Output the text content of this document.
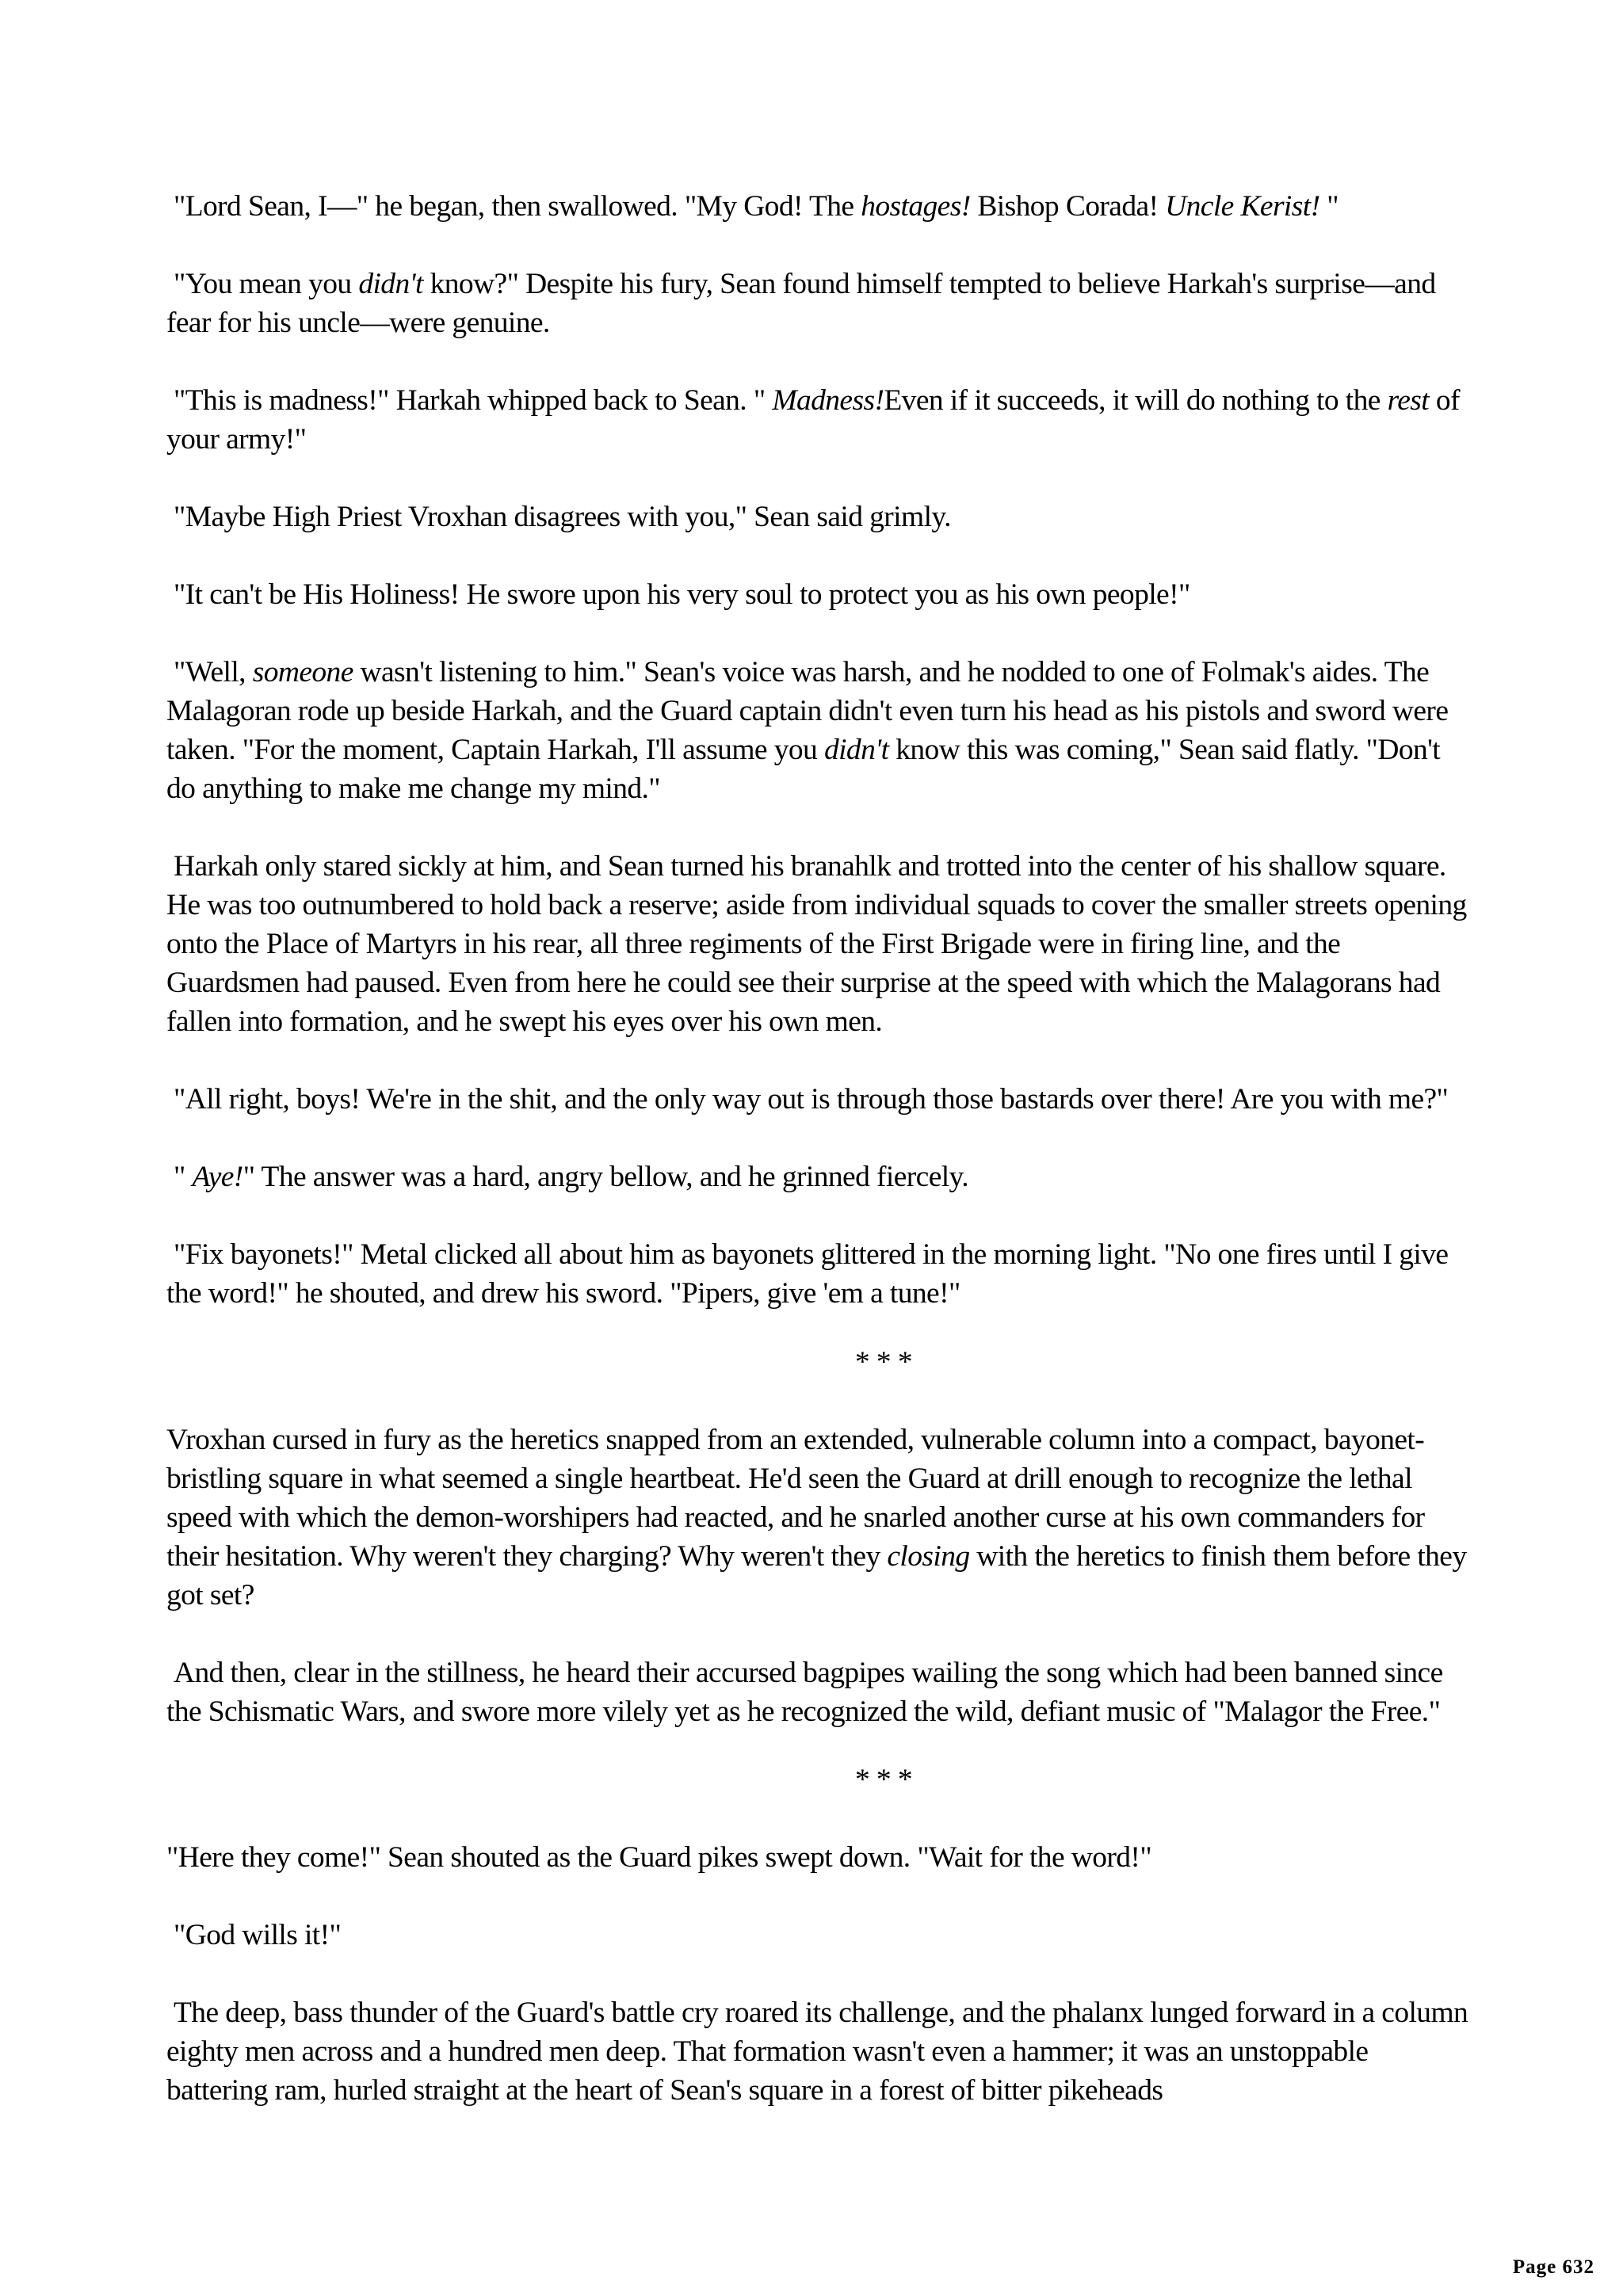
"Lord Sean, I—" he began, then swallowed. "My God! The hostages! Bishop Corada! Uncle Kerist! "

"You mean you didn't know?" Despite his fury, Sean found himself tempted to believe Harkah's surprise—and fear for his uncle—were genuine.

"This is madness!" Harkah whipped back to Sean. " Madness!Even if it succeeds, it will do nothing to the rest of your army!"

"Maybe High Priest Vroxhan disagrees with you," Sean said grimly.

"It can't be His Holiness! He swore upon his very soul to protect you as his own people!"

"Well, someone wasn't listening to him." Sean's voice was harsh, and he nodded to one of Folmak's aides. The Malagoran rode up beside Harkah, and the Guard captain didn't even turn his head as his pistols and sword were taken. "For the moment, Captain Harkah, I'll assume you didn't know this was coming," Sean said flatly. "Don't do anything to make me change my mind."

Harkah only stared sickly at him, and Sean turned his branahlk and trotted into the center of his shallow square. He was too outnumbered to hold back a reserve; aside from individual squads to cover the smaller streets opening onto the Place of Martyrs in his rear, all three regiments of the First Brigade were in firing line, and the Guardsmen had paused. Even from here he could see their surprise at the speed with which the Malagorans had fallen into formation, and he swept his eyes over his own men.

"All right, boys! We're in the shit, and the only way out is through those bastards over there! Are you with me?"

" Aye!" The answer was a hard, angry bellow, and he grinned fiercely.

"Fix bayonets!" Metal clicked all about him as bayonets glittered in the morning light. "No one fires until I give the word!" he shouted, and drew his sword. "Pipers, give 'em a tune!"

* * *

Vroxhan cursed in fury as the heretics snapped from an extended, vulnerable column into a compact, bayonet-bristling square in what seemed a single heartbeat. He'd seen the Guard at drill enough to recognize the lethal speed with which the demon-worshipers had reacted, and he snarled another curse at his own commanders for their hesitation. Why weren't they charging? Why weren't they closing with the heretics to finish them before they got set?

And then, clear in the stillness, he heard their accursed bagpipes wailing the song which had been banned since the Schismatic Wars, and swore more vilely yet as he recognized the wild, defiant music of "Malagor the Free."

* * *

"Here they come!" Sean shouted as the Guard pikes swept down. "Wait for the word!"

"God wills it!"

The deep, bass thunder of the Guard's battle cry roared its challenge, and the phalanx lunged forward in a column eighty men across and a hundred men deep. That formation wasn't even a hammer; it was an unstoppable battering ram, hurled straight at the heart of Sean's square in a forest of bitter pikeheads

Page 632
